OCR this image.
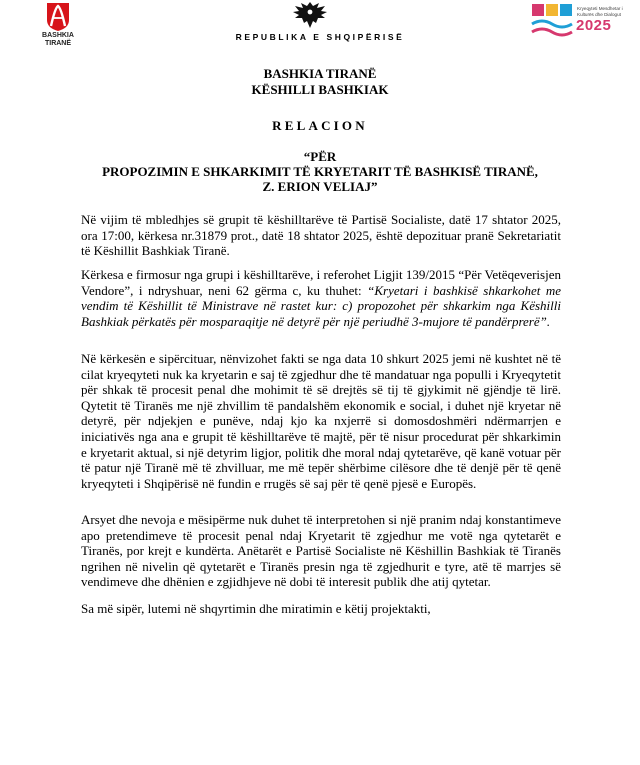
BASHKIA
TIRANË
REPUBLIKA E SHQIPËRISË
Kryeqyteti Mesdhetar i Kulturës dhe Dialogut
2025
BASHKIA TIRANË
KËSHILLI BASHKIAK
RELACION
“PËR
PROPOZIMIN E SHKARKIMIT TË KRYETARIT TË BASHKISË TIRANË,
Z. ERION VELIAJ”
Në vijim të mbledhjes së grupit të këshilltarëve të Partisë Socialiste, datë 17 shtator 2025, ora 17:00, kërkesa nr.31879 prot., datë 18 shtator 2025, është depozituar pranë Sekretariatit të Këshillit Bashkiak Tiranë.
Kërkesa e firmosur nga grupi i këshilltarëve, i referohet Ligjit 139/2015 “Për Vetëqeverisjen Vendore”, i ndryshuar, neni 62 gërma c, ku thuhet: “Kryetari i bashkisë shkarkohet me vendim të Këshillit të Ministrave në rastet kur: c) propozohet për shkarkim nga Këshilli Bashkiak përkatës për mosparaqitje në detyrë për një periudhë 3-mujore të pandërprerë”.
Në kërkesën e sipërcituar, nënvizohet fakti se nga data 10 shkurt 2025 jemi në kushtet në të cilat kryeqyteti nuk ka kryetarin e saj të zgjedhur dhe të mandatuar nga populli i Kryeqytetit për shkak të procesit penal dhe mohimit të së drejtës së tij të gjykimit në gjëndje të lirë. Qytetit të Tiranës me një zhvillim të pandalshëm ekonomik e social, i duhet një kryetar në detyrë, për ndjekjen e punëve, ndaj kjo ka nxjerrë si domosdoshmëri ndërmarrjen e iniciativës nga ana e grupit të këshilltarëve të majtë, për të nisur procedurat për shkarkimin e kryetarit aktual, si një detyrim ligjor, politik dhe moral ndaj qytetarëve, që kanë votuar për të patur një Tiranë më të zhvilluar, me më tepër shërbime cilësore dhe të denjë për të qenë kryeqyteti i Shqipërisë në fundin e rrugës së saj për të qenë pjesë e Europës.
Arsyet dhe nevoja e mësipërme nuk duhet të interpretohen si një pranim ndaj konstantimeve apo pretendimeve të procesit penal ndaj Kryetarit të zgjedhur me votë nga qytetarët e Tiranës, por krejt e kundërta. Anëtarët e Partisë Socialiste në Këshillin Bashkiak të Tiranës ngrihen në nivelin që qytetarët e Tiranës presin nga të zgjedhurit e tyre, atë të marrjes së vendimeve dhe dhënien e zgjidhjeve në dobi të interesit publik dhe atij qytetar.
Sa më sipër, lutemi në shqyrtimin dhe miratimin e këtij projektakti,
